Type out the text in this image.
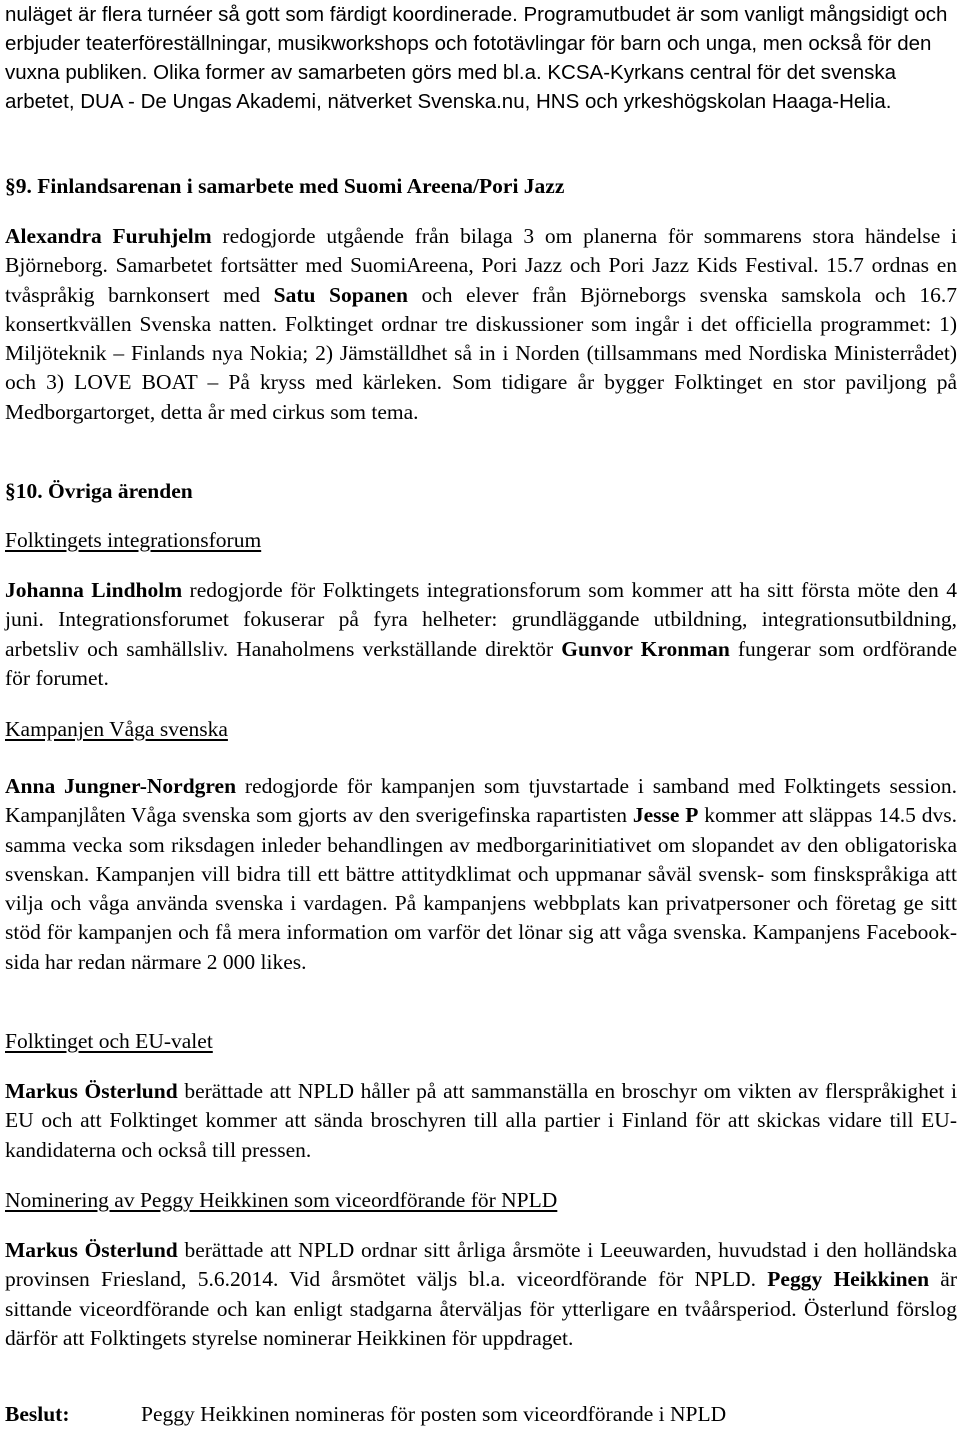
nuläget är flera turnéer så gott som färdigt koordinerade. Programutbudet är som vanligt mångsidigt och erbjuder teaterföreställningar, musikworkshops och fototävlingar för barn och unga, men också för den vuxna publiken. Olika former av samarbeten görs med bl.a. KCSA-Kyrkans central för det svenska arbetet, DUA - De Ungas Akademi, nätverket Svenska.nu, HNS och yrkeshögskolan Haaga-Helia.

§9. Finlandsarenan i samarbete med Suomi Areena/Pori Jazz

Alexandra Furuhjelm redogjorde utgående från bilaga 3 om planerna för sommarens stora händelse i Björneborg. Samarbetet fortsätter med SuomiAreena, Pori Jazz och Pori Jazz Kids Festival. 15.7 ordnas en tvåspråkig barnkonsert med Satu Sopanen och elever från Björneborgs svenska samskola och 16.7 konsertkvällen Svenska natten. Folktinget ordnar tre diskussioner som ingår i det officiella programmet: 1) Miljöteknik – Finlands nya Nokia; 2) Jämställdhet så in i Norden (tillsammans med Nordiska Ministerrådet) och 3) LOVE BOAT – På kryss med kärleken. Som tidigare år bygger Folktinget en stor paviljong på Medborgartorget, detta år med cirkus som tema.

§10. Övriga ärenden

Folktingets integrationsforum

Johanna Lindholm redogjorde för Folktingets integrationsforum som kommer att ha sitt första möte den 4 juni. Integrationsforumet fokuserar på fyra helheter: grundläggande utbildning, integrationsutbildning, arbetsliv och samhällsliv. Hanaholmens verkställande direktör Gunvor Kronman fungerar som ordförande för forumet.

Kampanjen Våga svenska

Anna Jungner-Nordgren redogjorde för kampanjen som tjuvstartade i samband med Folktingets session. Kampanjlåten Våga svenska som gjorts av den sverigefinska rapartisten Jesse P kommer att släppas 14.5 dvs. samma vecka som riksdagen inleder behandlingen av medborgarinitiativet om slopandet av den obligatoriska svenskan. Kampanjen vill bidra till ett bättre attitydklimat och uppmanar såväl svensk- som finskspråkiga att vilja och våga använda svenska i vardagen. På kampanjens webbplats kan privatpersoner och företag ge sitt stöd för kampanjen och få mera information om varför det lönar sig att våga svenska. Kampanjens Facebook-sida har redan närmare 2 000 likes.

Folktinget och EU-valet

Markus Österlund berättade att NPLD håller på att sammanställa en broschyr om vikten av flerspråkighet i EU och att Folktinget kommer att sända broschyren till alla partier i Finland för att skickas vidare till EU-kandidaterna och också till pressen.

Nominering av Peggy Heikkinen som viceordförande för NPLD

Markus Österlund berättade att NPLD ordnar sitt årliga årsmöte i Leeuwarden, huvudstad i den holländska provinsen Friesland, 5.6.2014. Vid årsmötet väljs bl.a. viceordförande för NPLD. Peggy Heikkinen är sittande viceordförande och kan enligt stadgarna återväljas för ytterligare en tvåårsperiod. Österlund förslog därför att Folktingets styrelse nominerar Heikkinen för uppdraget.

Beslut:	Peggy Heikkinen nomineras för posten som viceordförande i NPLD
